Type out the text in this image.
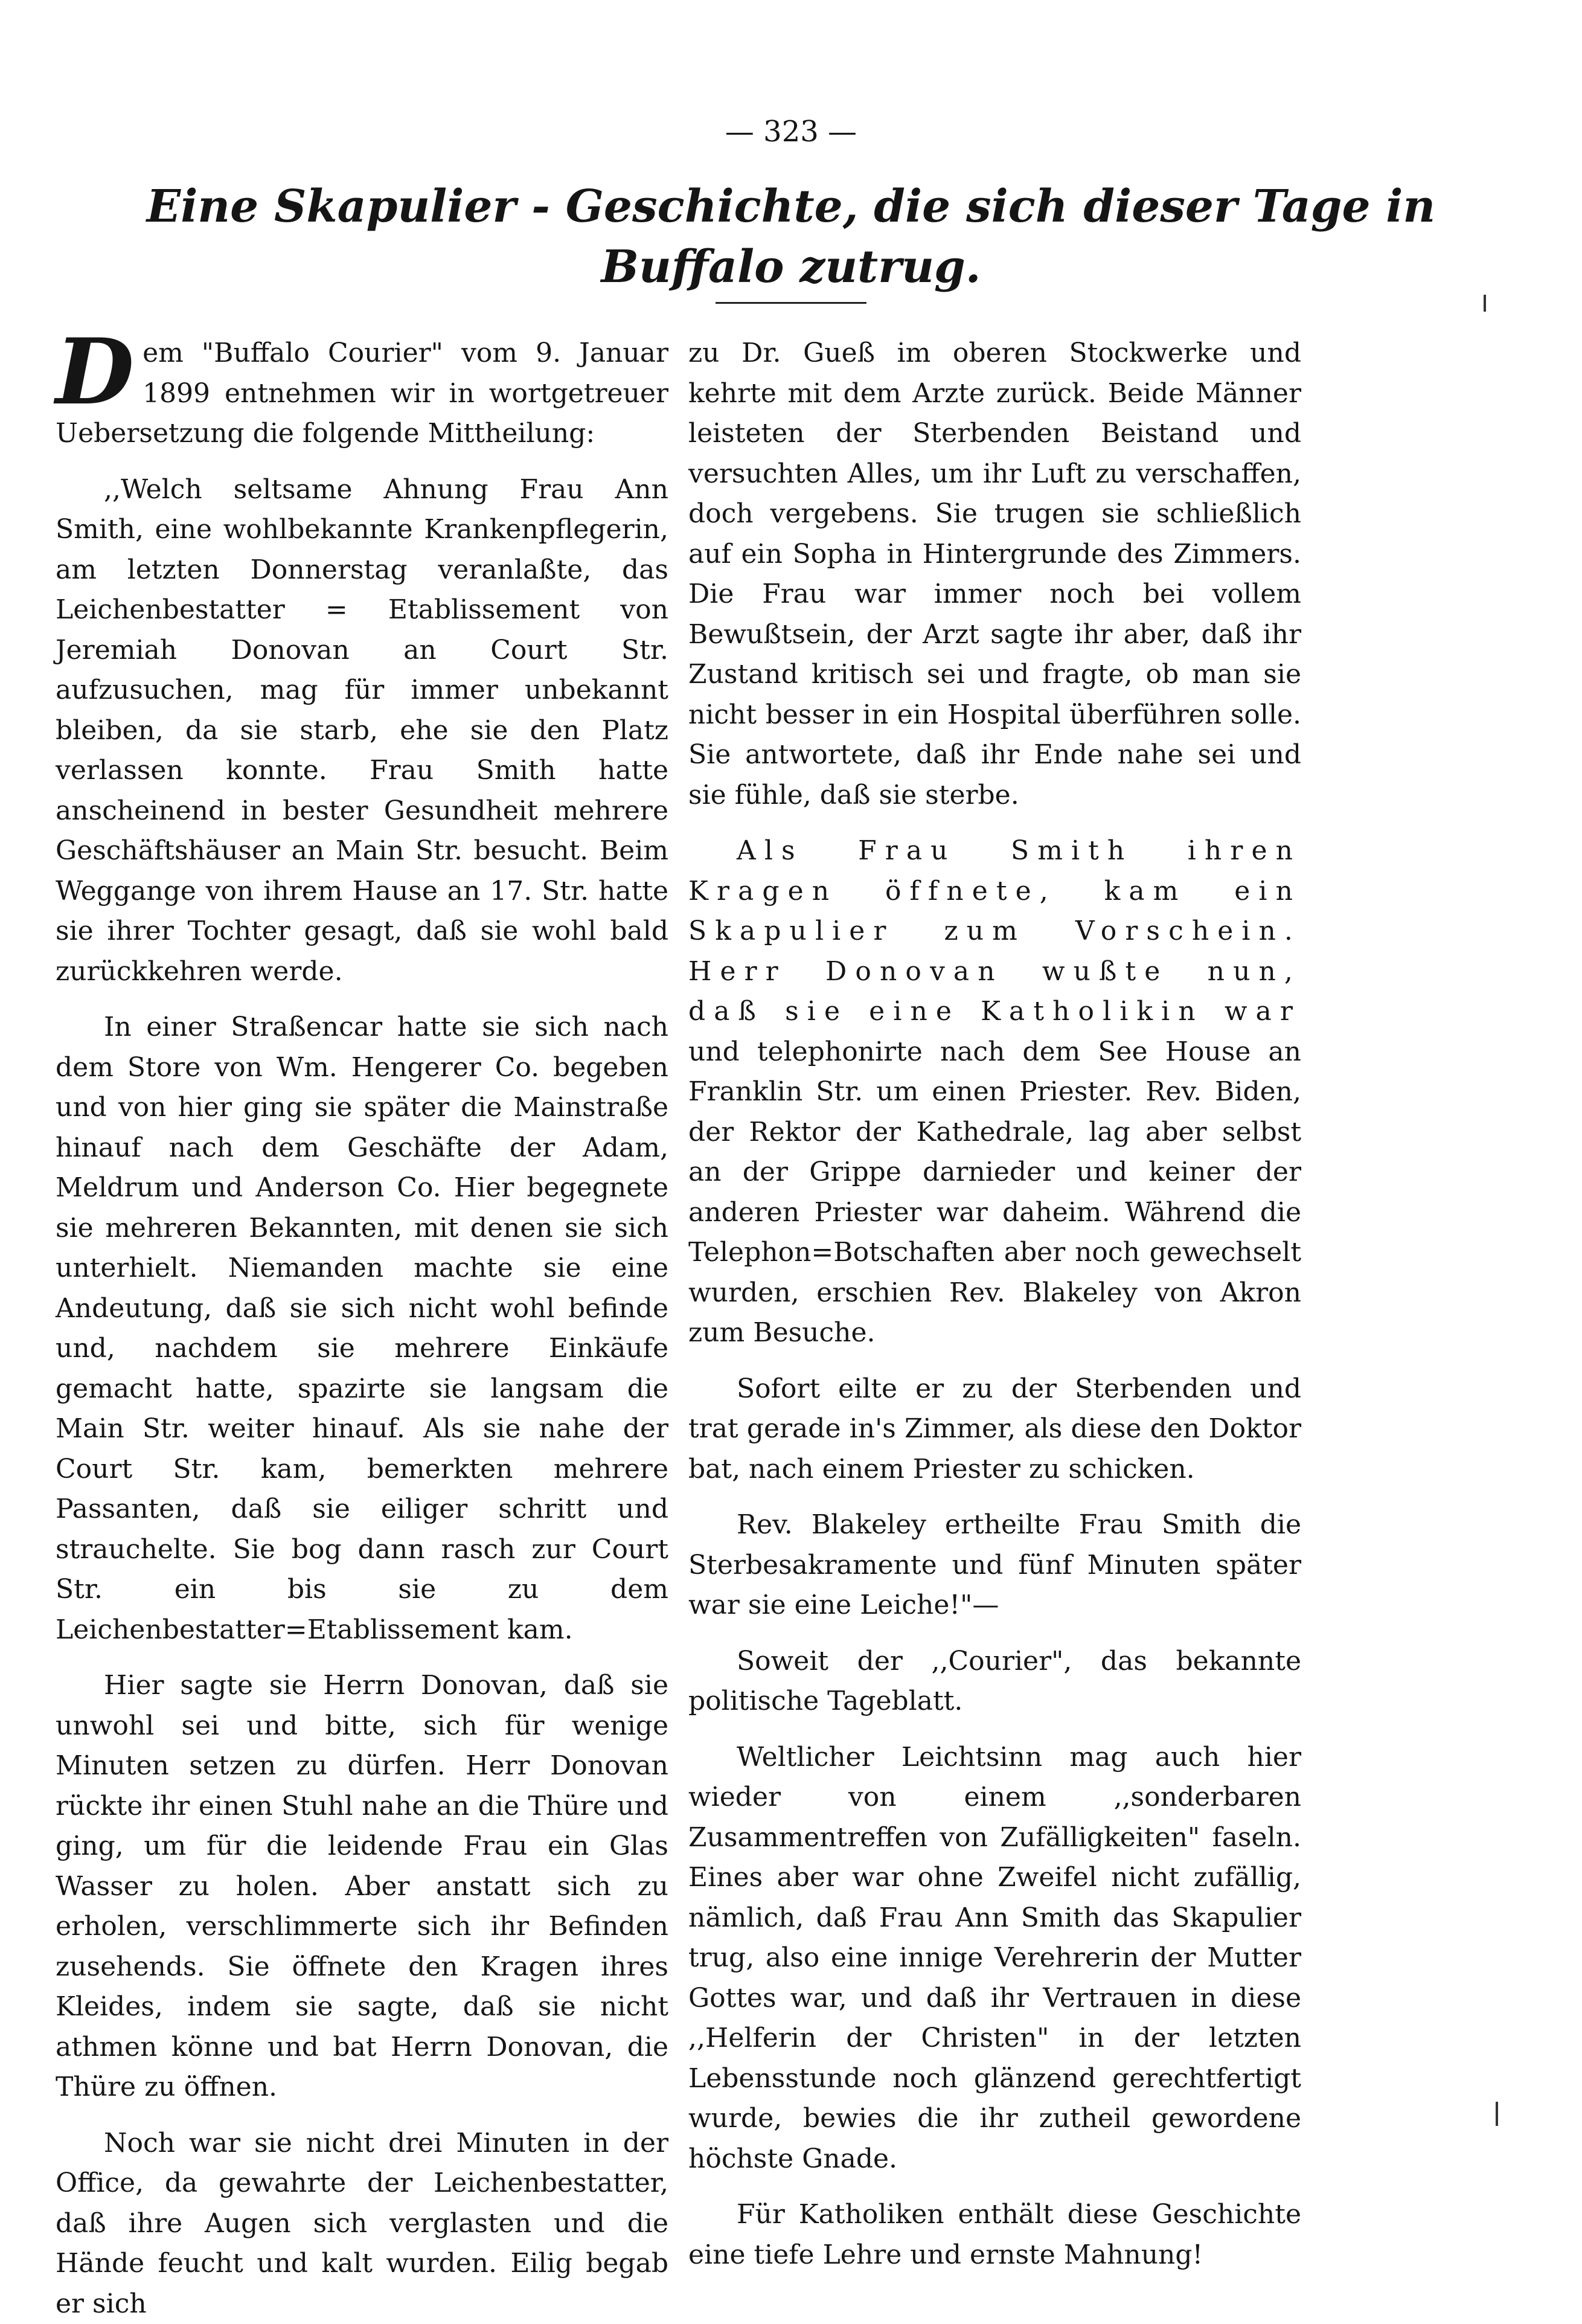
— 323 —
Eine Skapulier - Geschichte, die sich dieser Tage in
Buffalo zutrug.

Dem "Buffalo Courier" vom 9. Januar 1899 entnehmen wir in wortgetreuer Uebersetzung die folgende Mittheilung:

,,Welch seltsame Ahnung Frau Ann Smith, eine wohlbekannte Krankenpflegerin, am letzten Donnerstag veranlaßte, das Leichenbestatter = Etablissement von Jeremiah Donovan an Court Str. aufzusuchen, mag für immer unbekannt bleiben, da sie starb, ehe sie den Platz verlassen konnte. Frau Smith hatte anscheinend in bester Gesundheit mehrere Geschäftshäuser an Main Str. besucht. Beim Weggange von ihrem Hause an 17. Str. hatte sie ihrer Tochter gesagt, daß sie wohl bald zurückkehren werde.

In einer Straßencar hatte sie sich nach dem Store von Wm. Hengerer Co. begeben und von hier ging sie später die Mainstraße hinauf nach dem Geschäfte der Adam, Meldrum und Anderson Co. Hier begegnete sie mehreren Bekannten, mit denen sie sich unterhielt. Niemanden machte sie eine Andeutung, daß sie sich nicht wohl befinde und, nachdem sie mehrere Einkäufe gemacht hatte, spazirte sie langsam die Main Str. weiter hinauf. Als sie nahe der Court Str. kam, bemerkten mehrere Passanten, daß sie eiliger schritt und strauchelte. Sie bog dann rasch zur Court Str. ein bis sie zu dem Leichenbestatter=Etablissement kam.

Hier sagte sie Herrn Donovan, daß sie unwohl sei und bitte, sich für wenige Minuten setzen zu dürfen. Herr Donovan rückte ihr einen Stuhl nahe an die Thüre und ging, um für die leidende Frau ein Glas Wasser zu holen. Aber anstatt sich zu erholen, verschlimmerte sich ihr Befinden zusehends. Sie öffnete den Kragen ihres Kleides, indem sie sagte, daß sie nicht athmen könne und bat Herrn Donovan, die Thüre zu öffnen.

Noch war sie nicht drei Minuten in der Office, da gewahrte der Leichenbestatter, daß ihre Augen sich verglasten und die Hände feucht und kalt wurden. Eilig begab er sich

zu Dr. Gueß im oberen Stockwerke und kehrte mit dem Arzte zurück. Beide Männer leisteten der Sterbenden Beistand und versuchten Alles, um ihr Luft zu verschaffen, doch vergebens. Sie trugen sie schließlich auf ein Sopha in Hintergrunde des Zimmers. Die Frau war immer noch bei vollem Bewußtsein, der Arzt sagte ihr aber, daß ihr Zustand kritisch sei und fragte, ob man sie nicht besser in ein Hospital überführen solle. Sie antwortete, daß ihr Ende nahe sei und sie fühle, daß sie sterbe.

Als Frau Smith ihren Kragen öffnete, kam ein Skapulier zum Vorschein. Herr Donovan wußte nun, daß sie eine Katholikin war und telephonirte nach dem See House an Franklin Str. um einen Priester. Rev. Biden, der Rektor der Kathedrale, lag aber selbst an der Grippe darnieder und keiner der anderen Priester war daheim. Während die Telephon=Botschaften aber noch gewechselt wurden, erschien Rev. Blakeley von Akron zum Besuche.

Sofort eilte er zu der Sterbenden und trat gerade in's Zimmer, als diese den Doktor bat, nach einem Priester zu schicken.

Rev. Blakeley ertheilte Frau Smith die Sterbesakramente und fünf Minuten später war sie eine Leiche!"—

Soweit der ,,Courier", das bekannte politische Tageblatt.

Weltlicher Leichtsinn mag auch hier wieder von einem ,,sonderbaren Zusammentreffen von Zufälligkeiten" faseln. Eines aber war ohne Zweifel nicht zufällig, nämlich, daß Frau Ann Smith das Skapulier trug, also eine innige Verehrerin der Mutter Gottes war, und daß ihr Vertrauen in diese ,,Helferin der Christen" in der letzten Lebensstunde noch glänzend gerechtfertigt wurde, bewies die ihr zutheil gewordene höchste Gnade.

Für Katholiken enthält diese Geschichte eine tiefe Lehre und ernste Mahnung!
